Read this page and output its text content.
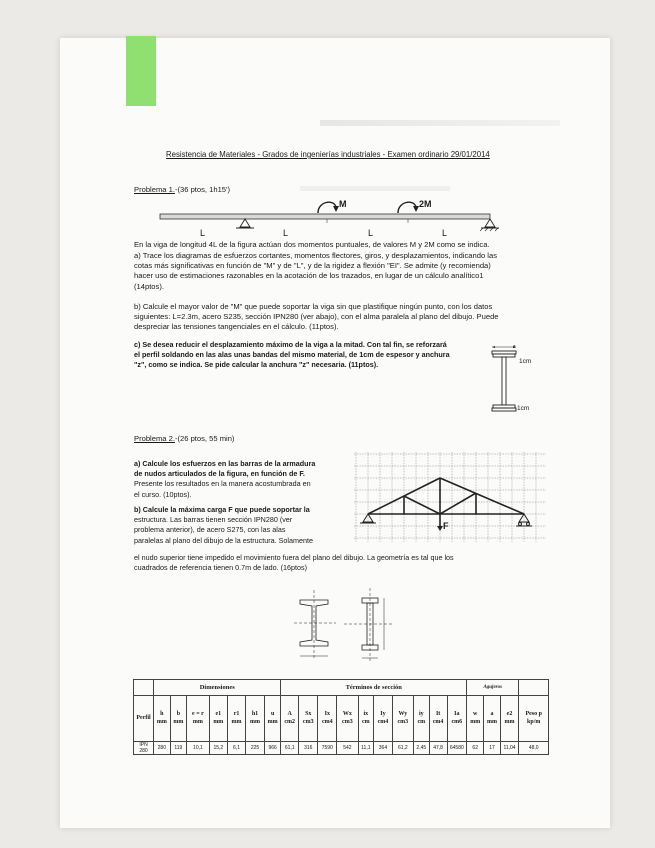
Resistencia de Materiales - Grados de ingenierías industriales - Examen ordinario 29/01/2014
Problema 1.-(36 ptos, 1h15')
M	2M
L	L	L	L
En la viga de longitud 4L de la figura actúan dos momentos puntuales, de valores M y 2M como se indica.
a) Trace los diagramas de esfuerzos cortantes, momentos flectores, giros, y desplazamientos, indicando las
cotas más significativas en función de "M" y de "L", y de la rigidez a flexión "EI". Se admite (y recomienda)
hacer uso de estimaciones razonables en la acotación de los trazados, en lugar de un cálculo analítico1
(14ptos).
b) Calcule el mayor valor de "M" que puede soportar la viga sin que plastifique ningún punto, con los datos
siguientes: L=2.3m, acero S235, sección IPN280 (ver abajo), con el alma paralela al plano del dibujo. Puede
despreciar las tensiones tangenciales en el cálculo. (11ptos).
c) Se desea reducir el desplazamiento máximo de la viga a la mitad. Con tal fin, se reforzará
el perfil soldando en las alas unas bandas del mismo material, de 1cm de espesor y anchura
"z", como se indica. Se pide calcular la anchura "z" necesaria. (11ptos).
z
1cm
1cm
Problema 2.-(26 ptos, 55 min)
a) Calcule los esfuerzos en las barras de la armadura
de nudos articulados de la figura, en función de F.
Presente los resultados en la manera acostumbrada en
el curso. (10ptos).
b) Calcule la máxima carga F que puede soportar la
estructura. Las barras tienen sección IPN280 (ver
problema anterior), de acero S275, con las alas
paralelas al plano del dibujo de la estructura. Solamente
el nudo superior tiene impedido el movimiento fuera del plano del dibujo. La geometría es tal que los
cuadrados de referencia tienen 0.7m de lado. (16ptos)
F
	Dimensiones							Términos de sección										Agujeros			
Perfil	h mm	b mm	e = r mm	e1 mm	r1 mm	h1 mm	u mm	A cm2	Sx cm3	Ix cm4	Wx cm3	ix cm	Iy cm4	Wy cm3	iy cm	It cm4	Ia cm6	w mm	a mm	e2 mm	Peso p kp/m
IPN 280	280	119	10,1	15,2	6,1	225	966	61,1	316	7590	542	11,1	364	61,2	2,45	47,8	64580	62	17	11,04	48,0
